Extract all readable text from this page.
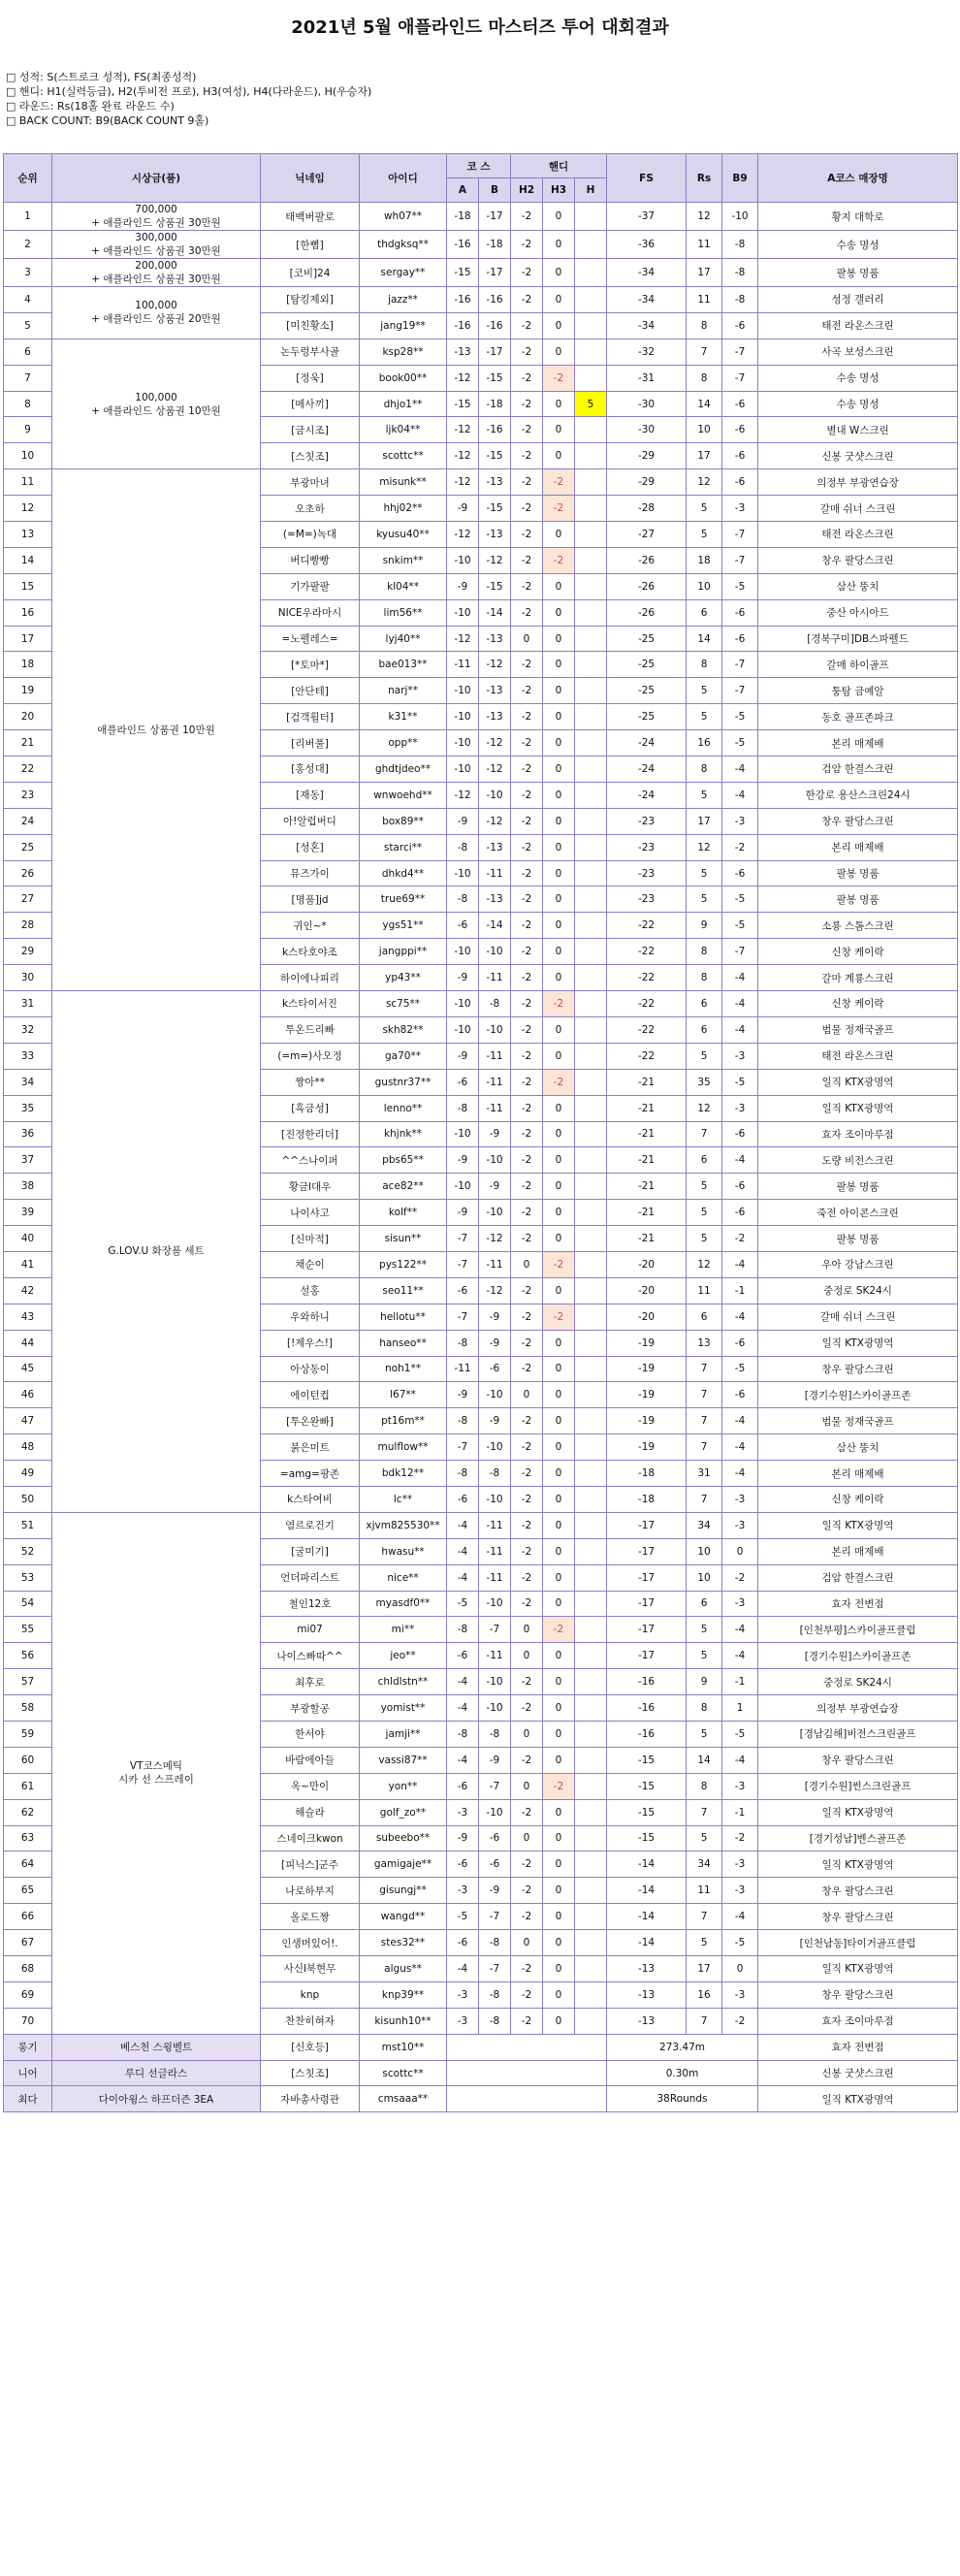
2021년 5월 애플라인드 마스터즈 투어 대회결과
□ 성적: S(스트로크 성적), FS(최종성적)
□ 핸디: H1(실력등급), H2(투비전 프로), H3(여성), H4(다라운드), H(우승자)
□ 라운드: Rs(18홀 완료 라운드 수)
□ BACK COUNT: B9(BACK COUNT 9홀)
순위	시상금(품)	닉네임	아이디	코 스		핸디			FS	Rs	B9	A코스 매장명
				A	B	H2	H3	H				
1	700,000
+ 애플라인드 상품권 30만원	태백버팔로	wh07**	-18	-17	-2	0		-37	12	-10	황지 대학로
2	300,000
+ 애플라인드 상품권 30만원	[한뼘]	thdgksq**	-16	-18	-2	0		-36	11	-8	수송 명성
3	200,000
+ 애플라인드 상품권 30만원	[코비]24	sergay**	-15	-17	-2	0		-34	17	-8	팔봉 명품
4	100,000
+ 애플라인드 상품권 20만원	[탐킹제외]	jazz**	-16	-16	-2	0		-34	11	-8	성정 갤러리
5		[미친황소]	jang19**	-16	-16	-2	0		-34	8	-6	태전 라온스크린
6	100,000
+ 애플라인드 상품권 10만원	논두렁부사골	ksp28**	-13	-17	-2	0		-32	7	-7	사곡 보성스크린
7		[정욱]	book00**	-12	-15	-2	-2		-31	8	-7	수송 명성
8		[메사끼]	dhjo1**	-15	-18	-2	0	5	-30	14	-6	수송 명성
9		[금시조]	ljk04**	-12	-16	-2	0		-30	10	-6	별내 W스크린
10		[스칫조]	scottc**	-12	-15	-2	0		-29	17	-6	신봉 굿샷스크린
11	애플라인드 상품권 10만원	부광마녀	misunk**	-12	-13	-2	-2		-29	12	-6	의정부 부광연습장
12		오초하	hhj02**	-9	-15	-2	-2		-28	5	-3	갈매 쉬너 스크린
13		(=M=)녹대	kyusu40**	-12	-13	-2	0		-27	5	-7	태전 라온스크린
14		버디빵빵	snkim**	-10	-12	-2	-2		-26	18	-7	창우 팔당스크린
15		기가팔팔	kl04**	-9	-15	-2	0		-26	10	-5	삼산 뚱치
16		NICE우라마시	lim56**	-10	-14	-2	0		-26	6	-6	중산 아시아드
17		=노펠레스=	lyj40**	-12	-13	0	0		-25	14	-6	[경북구미]DB스파펠드
18		[*토마*]	bae013**	-11	-12	-2	0		-25	8	-7	갈매 하이골프
19		[안단테]	narj**	-10	-13	-2	0		-25	5	-7	퉁탐 금예알
20		[검객휠터]	k31**	-10	-13	-2	0		-25	5	-5	동호 골프존파크
21		[리버풀]	opp**	-10	-12	-2	0		-24	16	-5	본리 매제배
22		[홍성대]	ghdtjdeo**	-10	-12	-2	0		-24	8	-4	검암 한결스크린
23		[재동]	wnwoehd**	-12	-10	-2	0		-24	5	-4	한강로 용산스크린24시
24		아!알럽버디	box89**	-9	-12	-2	0		-23	17	-3	창우 팔당스크린
25		[성혼]	starci**	-8	-13	-2	0		-23	12	-2	본리 매제배
26		뮤즈가이	dhkd4**	-10	-11	-2	0		-23	5	-6	팔봉 명품
27		[명품]jd	true69**	-8	-13	-2	0		-23	5	-5	팔봉 명품
28		귀인~*	ygs51**	-6	-14	-2	0		-22	9	-5	소룡 스톰스크린
29		k스타호야조	jangppi**	-10	-10	-2	0		-22	8	-7	신창 케이락
30		하이에나피리	yp43**	-9	-11	-2	0		-22	8	-4	갈마 계룡스크린
31	G.LOV.U 화장품 세트	k스타이서진	sc75**	-10	-8	-2	-2		-22	6	-4	신창 케이락
32		투온드리빠	skh82**	-10	-10	-2	0		-22	6	-4	범물 정재국골프
33		(=m=)사오정	ga70**	-9	-11	-2	0		-22	5	-3	태전 라온스크린
34		짱아**	gustnr37**	-6	-11	-2	-2		-21	35	-5	일직 KTX광명역
35		[흑금성]	lenno**	-8	-11	-2	0		-21	12	-3	일직 KTX광명역
36		[진정한리더]	khjnk**	-10	-9	-2	0		-21	7	-6	효자 조이마루점
37		^^스나이퍼	pbs65**	-9	-10	-2	0		-21	6	-4	도량 비전스크린
38		황금l대우	ace82**	-10	-9	-2	0		-21	5	-6	팔봉 명품
39		나이샤고	kolf**	-9	-10	-2	0		-21	5	-6	죽전 아이콘스크린
40		[신마적]	sisun**	-7	-12	-2	0		-21	5	-2	팔봉 명품
41		채순이	pys122**	-7	-11	0	-2		-20	12	-4	우아 강남스크린
42		설홍	seo11**	-6	-12	-2	0		-20	11	-1	중정로 SK24시
43		우와하니	hellotu**	-7	-9	-2	-2		-20	6	-4	갈매 쉬너 스크린
44		[!제우스!]	hanseo**	-8	-9	-2	0		-19	13	-6	일직 KTX광명역
45		아상동이	noh1**	-11	-6	-2	0		-19	7	-5	창우 팔당스크린
46		에이턴컵	l67**	-9	-10	0	0		-19	7	-6	[경기수원]스카이골프존
47		[투온완빠]	pt16m**	-8	-9	-2	0		-19	7	-4	범물 정재국골프
48		붉은미트	mulflow**	-7	-10	-2	0		-19	7	-4	삼산 뚱치
49		=amg=팡존	bdk12**	-8	-8	-2	0		-18	31	-4	본리 매제배
50		k스타여비	lc**	-6	-10	-2	0		-18	7	-3	신창 케이락
51	VT코스메틱
시카 선 스프레이	염르로건기	xjvm825530**	-4	-11	-2	0		-17	34	-3	일직 KTX광명역
52		[굴미기]	hwasu**	-4	-11	-2	0		-17	10	0	본리 매제배
53		언더파리스트	nice**	-4	-11	-2	0		-17	10	-2	검암 한결스크린
54		철인12호	myasdf0**	-5	-10	-2	0		-17	6	-3	효자 전변점
55		mi07	mi**	-8	-7	0	-2		-17	5	-4	[인천부평]스카이골프클럽
56		나이스빠따^^	jeo**	-6	-11	0	0		-17	5	-4	[경기수원]스카이골프존
57		최후로	chldlstn**	-4	-10	-2	0		-16	9	-1	중정로 SK24시
58		부광할공	yomist**	-4	-10	-2	0		-16	8	1	의정부 부광연습장
59		한서야	jamji**	-8	-8	0	0		-16	5	-5	[경남김해]비전스크린골프
60		바람에아들	vassi87**	-4	-9	-2	0		-15	14	-4	창우 팔당스크린
61		옥~만이	yon**	-6	-7	0	-2		-15	8	-3	[경기수원]썬스크린골프
62		해슬라	golf_zo**	-3	-10	-2	0		-15	7	-1	일직 KTX광명역
63		스네이크kwon	subeebo**	-9	-6	0	0		-15	5	-2	[경기성남]벤스골프존
64		[피닉스]군주	gamigaje**	-6	-6	-2	0		-14	34	-3	일직 KTX광명역
65		나로하부지	gisungj**	-3	-9	-2	0		-14	11	-3	창우 팔당스크린
66		올로드짱	wangd**	-5	-7	-2	0		-14	7	-4	창우 팔당스크린
67		인생머있어!.	stes32**	-6	-8	0	0		-14	5	-5	[인천남동]타이거골프클럽
68		사신l북현무	algus**	-4	-7	-2	0		-13	17	0	일직 KTX광명역
69		knp	knp39**	-3	-8	-2	0		-13	16	-3	창우 팔당스크린
70		찬찬히혀자	kisunh10**	-3	-8	-2	0		-13	7	-2	효자 조이마루점
롱기	베스천 스윙벨트	[신호등]	mst10**						273.47m			효자 전변점
니어	루디 선글라스	[스칫조]	scottc**						0.30m			신봉 굿샷스크린
최다	다이아윙스 하프더즌 3EA	자바총사령관	cmsaaa**						38Rounds			일직 KTX광명역
